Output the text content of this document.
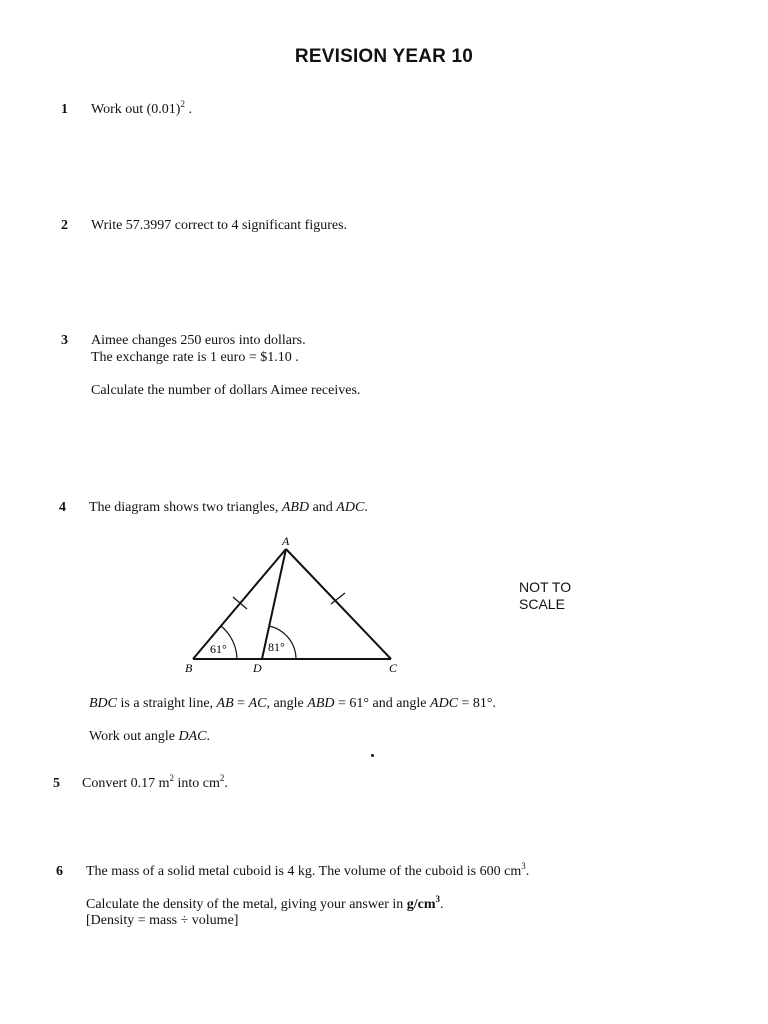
REVISION YEAR 10
1 Work out $(0.01)^2$ .
2 Write 57.3997 correct to 4 significant figures.
3 Aimee changes 250 euros into dollars.
The exchange rate is 1 euro = $1.10 .
Calculate the number of dollars Aimee receives.
4 The diagram shows two triangles, ABD and ADC.
A
B	D	C
61°	81°
NOT TO
SCALE
BDC is a straight line, AB = AC, angle ABD = 61° and angle ADC = 81°.
Work out angle DAC.
5 Convert 0.17 $m^2$ into $cm^2$.
6 The mass of a solid metal cuboid is 4 kg. The volume of the cuboid is 600 $cm^3$.
Calculate the density of the metal, giving your answer in $g/cm^3$.
[Density = mass ÷ volume]
